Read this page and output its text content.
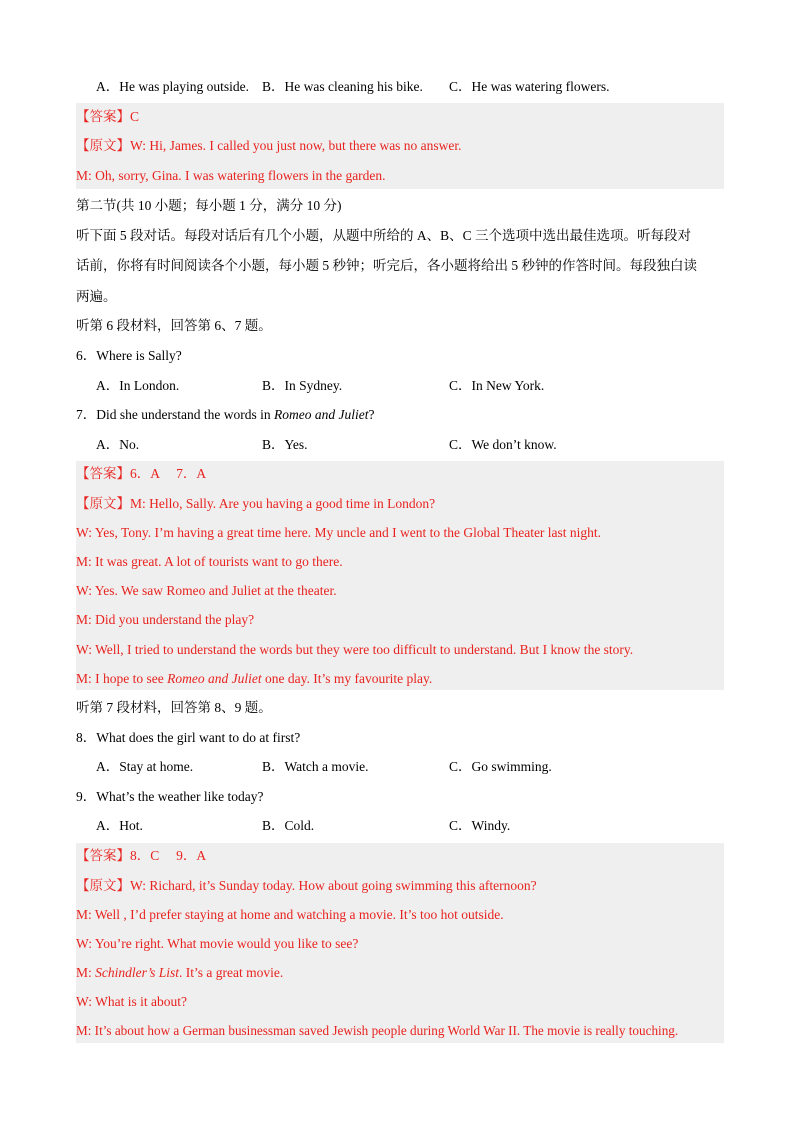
A．He was playing outside. B．He was cleaning his bike. C．He was watering flowers.
【答案】C
【原文】W: Hi, James. I called you just now, but there was no answer.
M: Oh, sorry, Gina. I was watering flowers in the garden.
第二节(共 10 小题；每小题 1 分，满分 10 分)
听下面 5 段对话。每段对话后有几个小题，从题中所给的 A、B、C 三个选项中选出最佳选项。听每段对
话前，你将有时间阅读各个小题，每小题 5 秒钟；听完后，各小题将给出 5 秒钟的作答时间。每段独白读
两遍。
听第 6 段材料，回答第 6、7 题。
6．Where is Sally?
A．In London.	B．In Sydney.	C．In New York.
7．Did she understand the words in Romeo and Juliet?
A．No.	B．Yes.	C．We don’t know.
【答案】6．A     7．A
【原文】M: Hello, Sally. Are you having a good time in London?
W: Yes, Tony. I’m having a great time here. My uncle and I went to the Global Theater last night.
M: It was great. A lot of tourists want to go there.
W: Yes. We saw Romeo and Juliet at the theater.
M: Did you understand the play?
W: Well, I tried to understand the words but they were too difficult to understand. But I know the story.
M: I hope to see Romeo and Juliet one day. It’s my favourite play.
听第 7 段材料，回答第 8、9 题。
8．What does the girl want to do at first?
A．Stay at home.	B．Watch a movie.	C．Go swimming.
9．What’s the weather like today?
A．Hot.	B．Cold.	C．Windy.
【答案】8．C     9．A
【原文】W: Richard, it’s Sunday today. How about going swimming this afternoon?
M: Well , I’d prefer staying at home and watching a movie. It’s too hot outside.
W: You’re right. What movie would you like to see?
M: Schindler’s List. It’s a great movie.
W: What is it about?
M: It’s about how a German businessman saved Jewish people during World War II. The movie is really touching.
